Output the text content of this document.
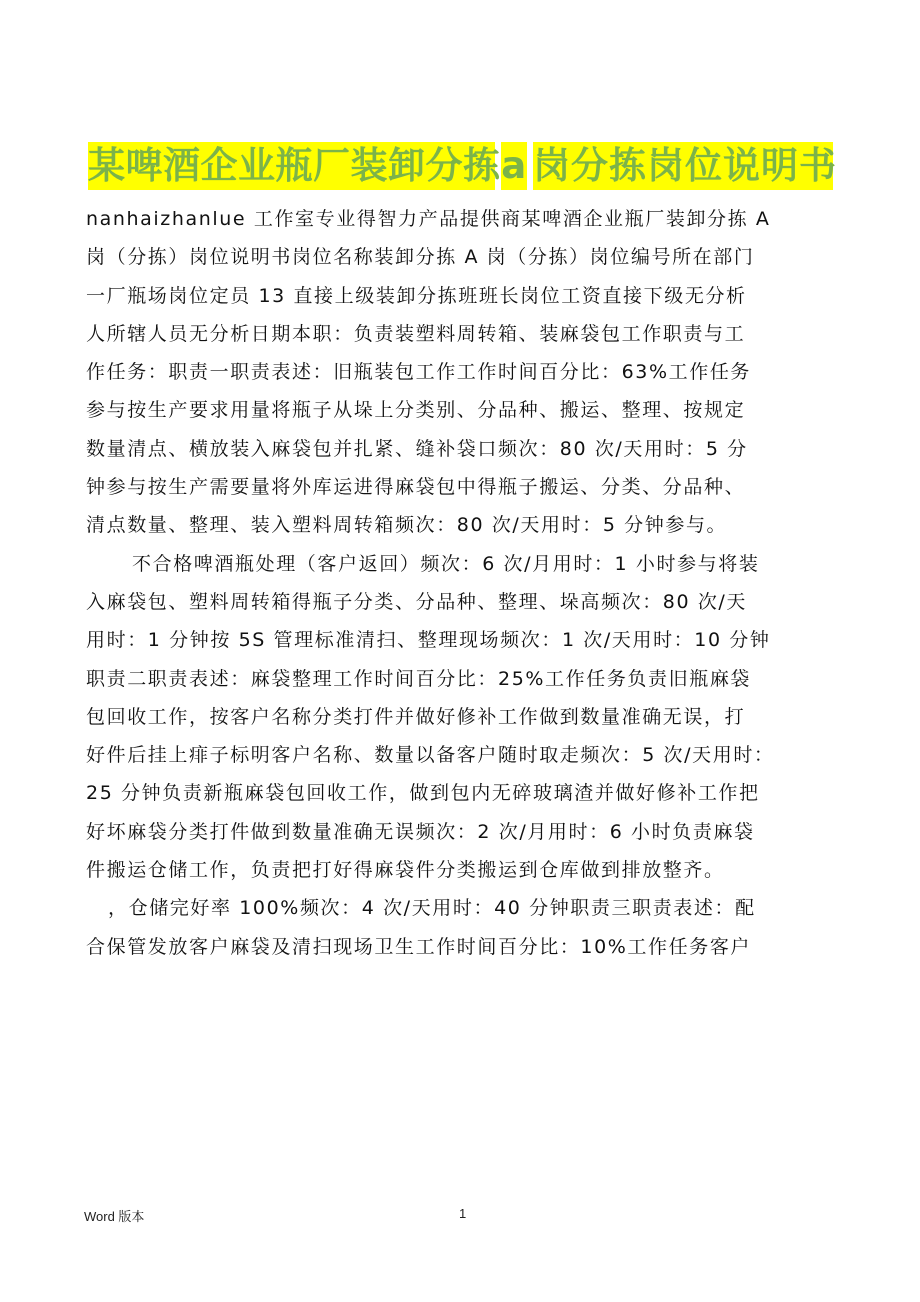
某啤酒企业瓶厂装卸分拣 a 岗分拣岗位说明书
nanhaizhanlue 工作室专业得智力产品提供商某啤酒企业瓶厂装卸分拣 A
岗（分拣）岗位说明书岗位名称装卸分拣 A 岗（分拣）岗位编号所在部门
一厂瓶场岗位定员 13 直接上级装卸分拣班班长岗位工资直接下级无分析
人所辖人员无分析日期本职：负责装塑料周转箱、装麻袋包工作职责与工
作任务：职责一职责表述：旧瓶装包工作工作时间百分比：63%工作任务
参与按生产要求用量将瓶子从垛上分类别、分品种、搬运、整理、按规定
数量清点、横放装入麻袋包并扎紧、缝补袋口频次：80 次/天用时：5 分
钟参与按生产需要量将外库运进得麻袋包中得瓶子搬运、分类、分品种、
清点数量、整理、装入塑料周转箱频次：80 次/天用时：5 分钟参与。
不合格啤酒瓶处理（客户返回）频次：6 次/月用时：1 小时参与将装
入麻袋包、塑料周转箱得瓶子分类、分品种、整理、垛高频次：80 次/天
用时：1 分钟按 5S 管理标准清扫、整理现场频次：1 次/天用时：10 分钟
职责二职责表述：麻袋整理工作时间百分比：25%工作任务负责旧瓶麻袋
包回收工作，按客户名称分类打件并做好修补工作做到数量准确无误，打
好件后挂上痱子标明客户名称、数量以备客户随时取走频次：5 次/天用时：
25 分钟负责新瓶麻袋包回收工作，做到包内无碎玻璃渣并做好修补工作把
好坏麻袋分类打件做到数量准确无误频次：2 次/月用时：6 小时负责麻袋
件搬运仓储工作，负责把打好得麻袋件分类搬运到仓库做到排放整齐。
，仓储完好率 100%频次：4 次/天用时：40 分钟职责三职责表述：配
合保管发放客户麻袋及清扫现场卫生工作时间百分比：10%工作任务客户
Word 版本	1
